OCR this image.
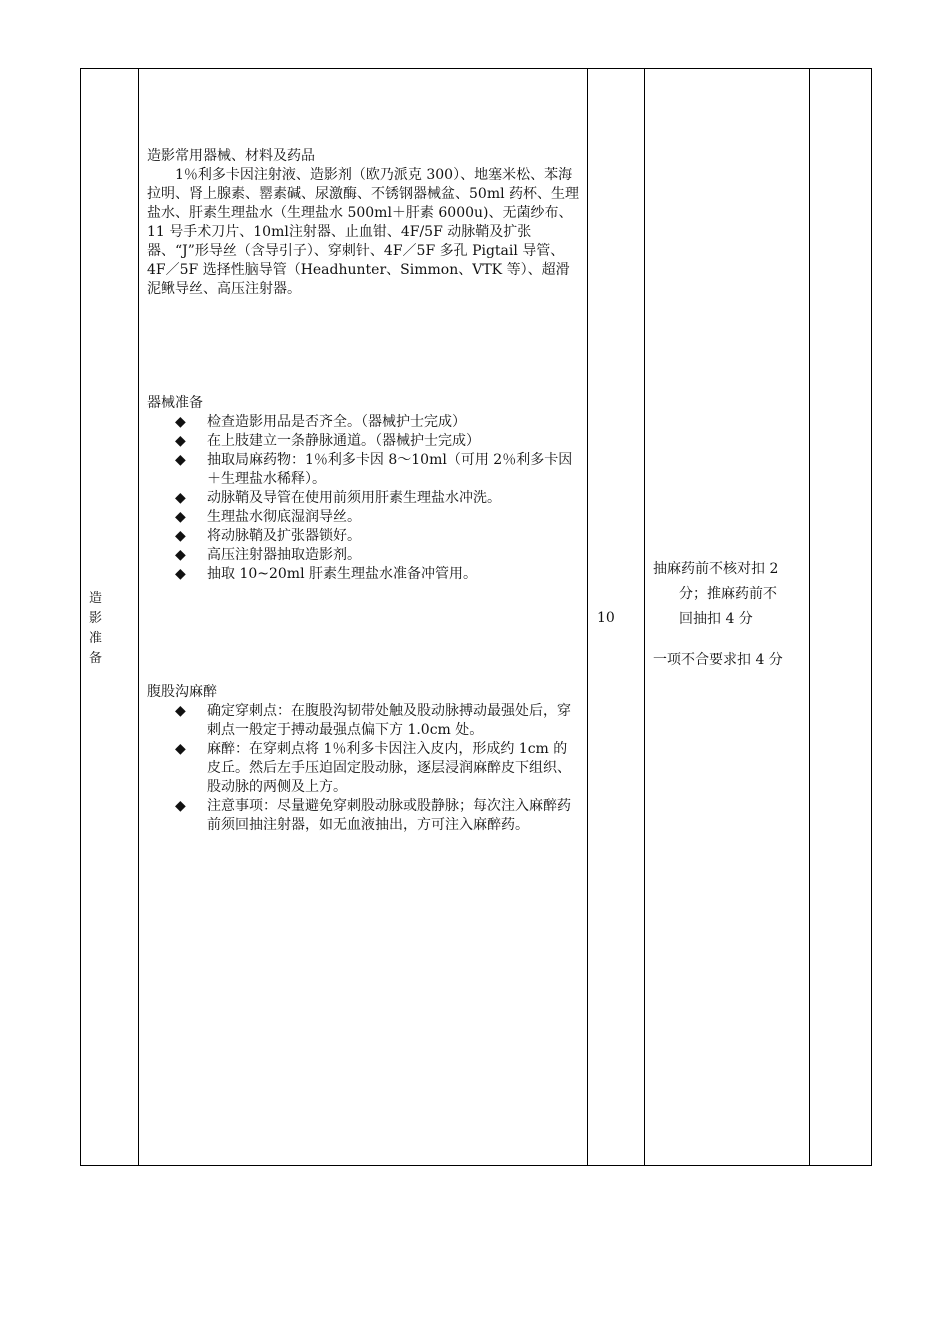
造 影
准 备

造影常用器械、材料及药品

1％利多卡因注射液、造影剂（欧乃派克 300）、地塞米松、苯海拉明、肾上腺素、罂素碱、尿激酶、不锈钢器械盆、50ml 药杯、生理盐水、肝素生理盐水（生理盐水 500ml＋肝素 6000u)、无菌纱布、11 号手术刀片、10ml注射器、止血钳、4F/5F 动脉鞘及扩张器、“J”形导丝（含导引子）、穿刺针、4F／5F 多孔 Pigtail 导管、4F／5F 选择性脑导管（Headhunter、Simmon、VTK 等）、超滑泥鳅导丝、高压注射器。

器械准备

◆ 检查造影用品是否齐全。（器械护士完成）
◆ 在上肢建立一条静脉通道。（器械护士完成）
◆ 抽取局麻药物：1％利多卡因 8～10ml（可用 2％利多卡因＋生理盐水稀释）。
◆ 动脉鞘及导管在使用前须用肝素生理盐水冲洗。
◆ 生理盐水彻底湿润导丝。
◆ 将动脉鞘及扩张器锁好。
◆ 高压注射器抽取造影剂。
◆ 抽取 10~20ml 肝素生理盐水准备冲管用。

腹股沟麻醉

◆ 确定穿刺点：在腹股沟韧带处触及股动脉搏动最强处后，穿刺点一般定于搏动最强点偏下方 1.0cm 处。
◆ 麻醉：在穿刺点将 1％利多卡因注入皮内，形成约 1cm 的皮丘。然后左手压迫固定股动脉，逐层浸润麻醉皮下组织、股动脉的两侧及上方。
◆ 注意事项：尽量避免穿刺股动脉或股静脉；每次注入麻醉药前须回抽注射器，如无血液抽出，方可注入麻醉药。
10

抽麻药前不核对扣 2

分；推麻药前不

回抽扣 4 分

一项不合要求扣 4 分
